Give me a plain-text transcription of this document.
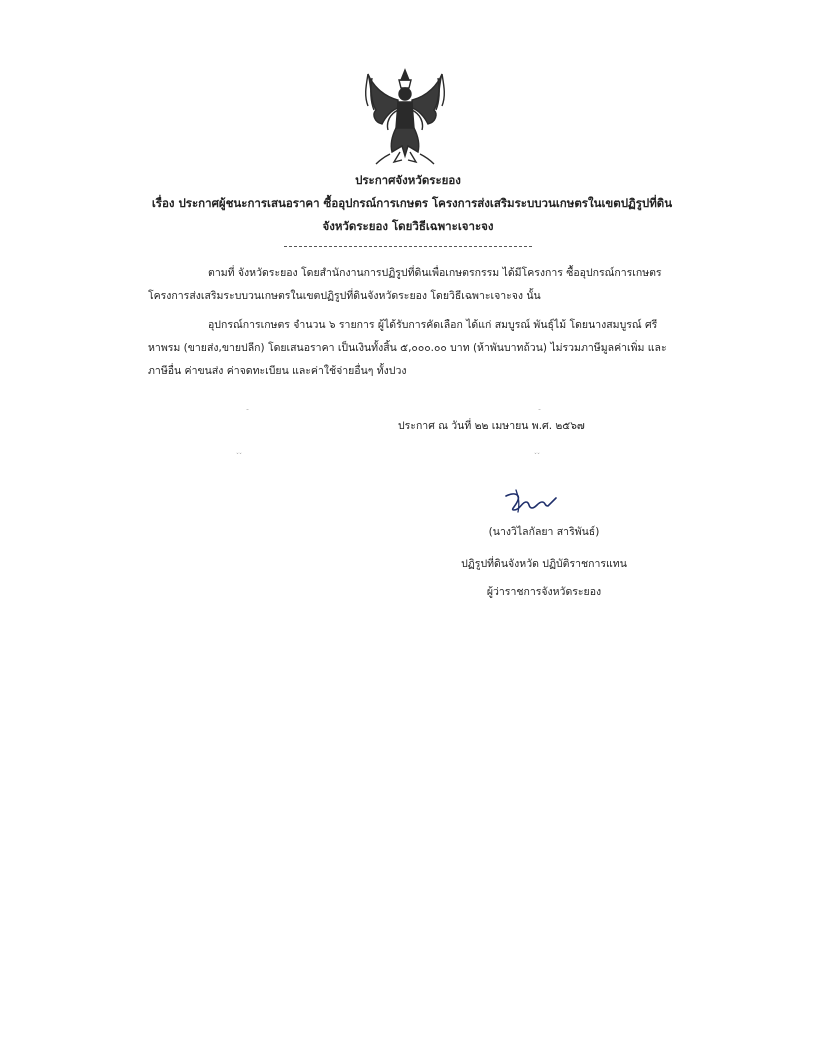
ประกาศจังหวัดระยอง
เรื่อง ประกาศผู้ชนะการเสนอราคา ซื้ออุปกรณ์การเกษตร โครงการส่งเสริมระบบวนเกษตรในเขตปฏิรูปที่ดิน
จังหวัดระยอง โดยวิธีเฉพาะเจาะจง
ตามที่ จังหวัดระยอง โดยสำนักงานการปฏิรูปที่ดินเพื่อเกษตรกรรม ได้มีโครงการ ซื้ออุปกรณ์การเกษตร โครงการส่งเสริมระบบวนเกษตรในเขตปฏิรูปที่ดินจังหวัดระยอง โดยวิธีเฉพาะเจาะจง นั้น
อุปกรณ์การเกษตร จำนวน ๖ รายการ ผู้ได้รับการคัดเลือก ได้แก่ สมบูรณ์ พันธุ์ไม้ โดยนางสมบูรณ์ ศรีหาพรม (ขายส่ง,ขายปลีก) โดยเสนอราคา เป็นเงินทั้งสิ้น ๕,๐๐๐.๐๐ บาท (ห้าพันบาทถ้วน) ไม่รวมภาษีมูลค่าเพิ่ม และภาษีอื่น ค่าขนส่ง ค่าจดทะเบียน และค่าใช้จ่ายอื่นๆ ทั้งปวง
˘	˘
ˇˇ	ˇˇ
ประกาศ ณ วันที่ ๒๒ เมษายน พ.ศ. ๒๕๖๗
(นางวิไลกัลยา สาริพันธ์)
ปฏิรูปที่ดินจังหวัด ปฏิบัติราชการแทน
ผู้ว่าราชการจังหวัดระยอง
